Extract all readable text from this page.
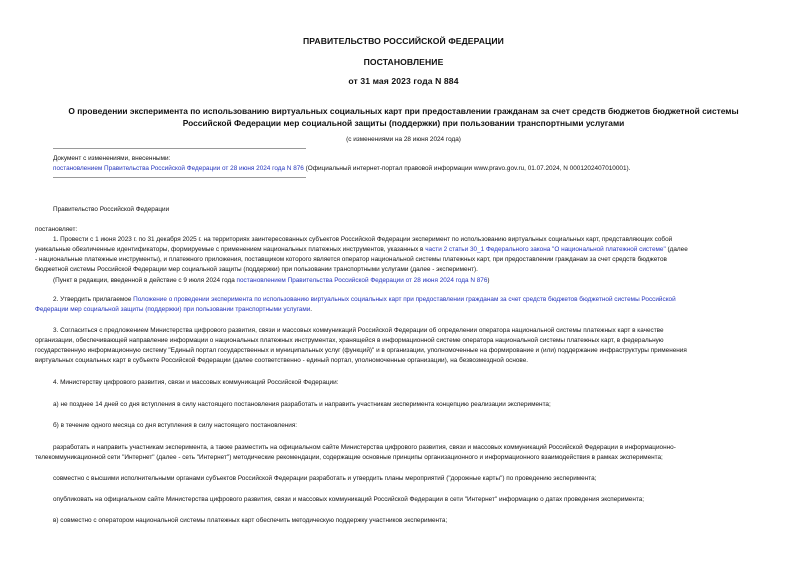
ПРАВИТЕЛЬСТВО РОССИЙСКОЙ ФЕДЕРАЦИИ
ПОСТАНОВЛЕНИЕ
от 31 мая 2023 года N 884
О проведении эксперимента по использованию виртуальных социальных карт при предоставлении гражданам за счет средств бюджетов бюджетной системы
Российской Федерации мер социальной защиты (поддержки) при пользовании транспортными услугами
(с изменениями на 28 июня 2024 года)
Документ с изменениями, внесенными:
постановлением Правительства Российской Федерации от 28 июня 2024 года N 876 (Официальный интернет-портал правовой информации www.pravo.gov.ru, 01.07.2024, N 0001202407010001).
Правительство Российской Федерации
постановляет:
1. Провести с 1 июня 2023 г. по 31 декабря 2025 г. на территориях заинтересованных субъектов Российской Федерации эксперимент по использованию виртуальных социальных карт, представляющих собой
уникальные обезличенные идентификаторы, формируемые с применением национальных платежных инструментов, указанных в части 2 статьи 30_1 Федерального закона "О национальной платежной системе" (далее
- национальные платежные инструменты), и платежного приложения, поставщиком которого является оператор национальной системы платежных карт, при предоставлении гражданам за счет средств бюджетов
бюджетной системы Российской Федерации мер социальной защиты (поддержки) при пользовании транспортными услугами (далее - эксперимент).
(Пункт в редакции, введенной в действие с 9 июля 2024 года постановлением Правительства Российской Федерации от 28 июня 2024 года N 876)
2. Утвердить прилагаемое Положение о проведении эксперимента по использованию виртуальных социальных карт при предоставлении гражданам за счет средств бюджетов бюджетной системы Российской
Федерации мер социальной защиты (поддержки) при пользовании транспортными услугами.
3. Согласиться с предложением Министерства цифрового развития, связи и массовых коммуникаций Российской Федерации об определении оператора национальной системы платежных карт в качестве
организации, обеспечивающей направление информации о национальных платежных инструментах, хранящейся в информационной системе оператора национальной системы платежных карт, в федеральную
государственную информационную систему "Единый портал государственных и муниципальных услуг (функций)" и в организации, уполномоченные на формирование и (или) поддержание инфраструктуры применения
виртуальных социальных карт в субъекте Российской Федерации (далее соответственно - единый портал, уполномоченные организации), на безвозмездной основе.
4. Министерству цифрового развития, связи и массовых коммуникаций Российской Федерации:
а) не позднее 14 дней со дня вступления в силу настоящего постановления разработать и направить участникам эксперимента концепцию реализации эксперимента;
б) в течение одного месяца со дня вступления в силу настоящего постановления:
разработать и направить участникам эксперимента, а также разместить на официальном сайте Министерства цифрового развития, связи и массовых коммуникаций Российской Федерации в информационно-
телекоммуникационной сети "Интернет" (далее - сеть "Интернет") методические рекомендации, содержащие основные принципы организационного и информационного взаимодействия в рамках эксперимента;
совместно с высшими исполнительными органами субъектов Российской Федерации разработать и утвердить планы мероприятий ("дорожные карты") по проведению эксперимента;
опубликовать на официальном сайте Министерства цифрового развития, связи и массовых коммуникаций Российской Федерации в сети "Интернет" информацию о датах проведения эксперимента;
в) совместно с оператором национальной системы платежных карт обеспечить методическую поддержку участников эксперимента;
